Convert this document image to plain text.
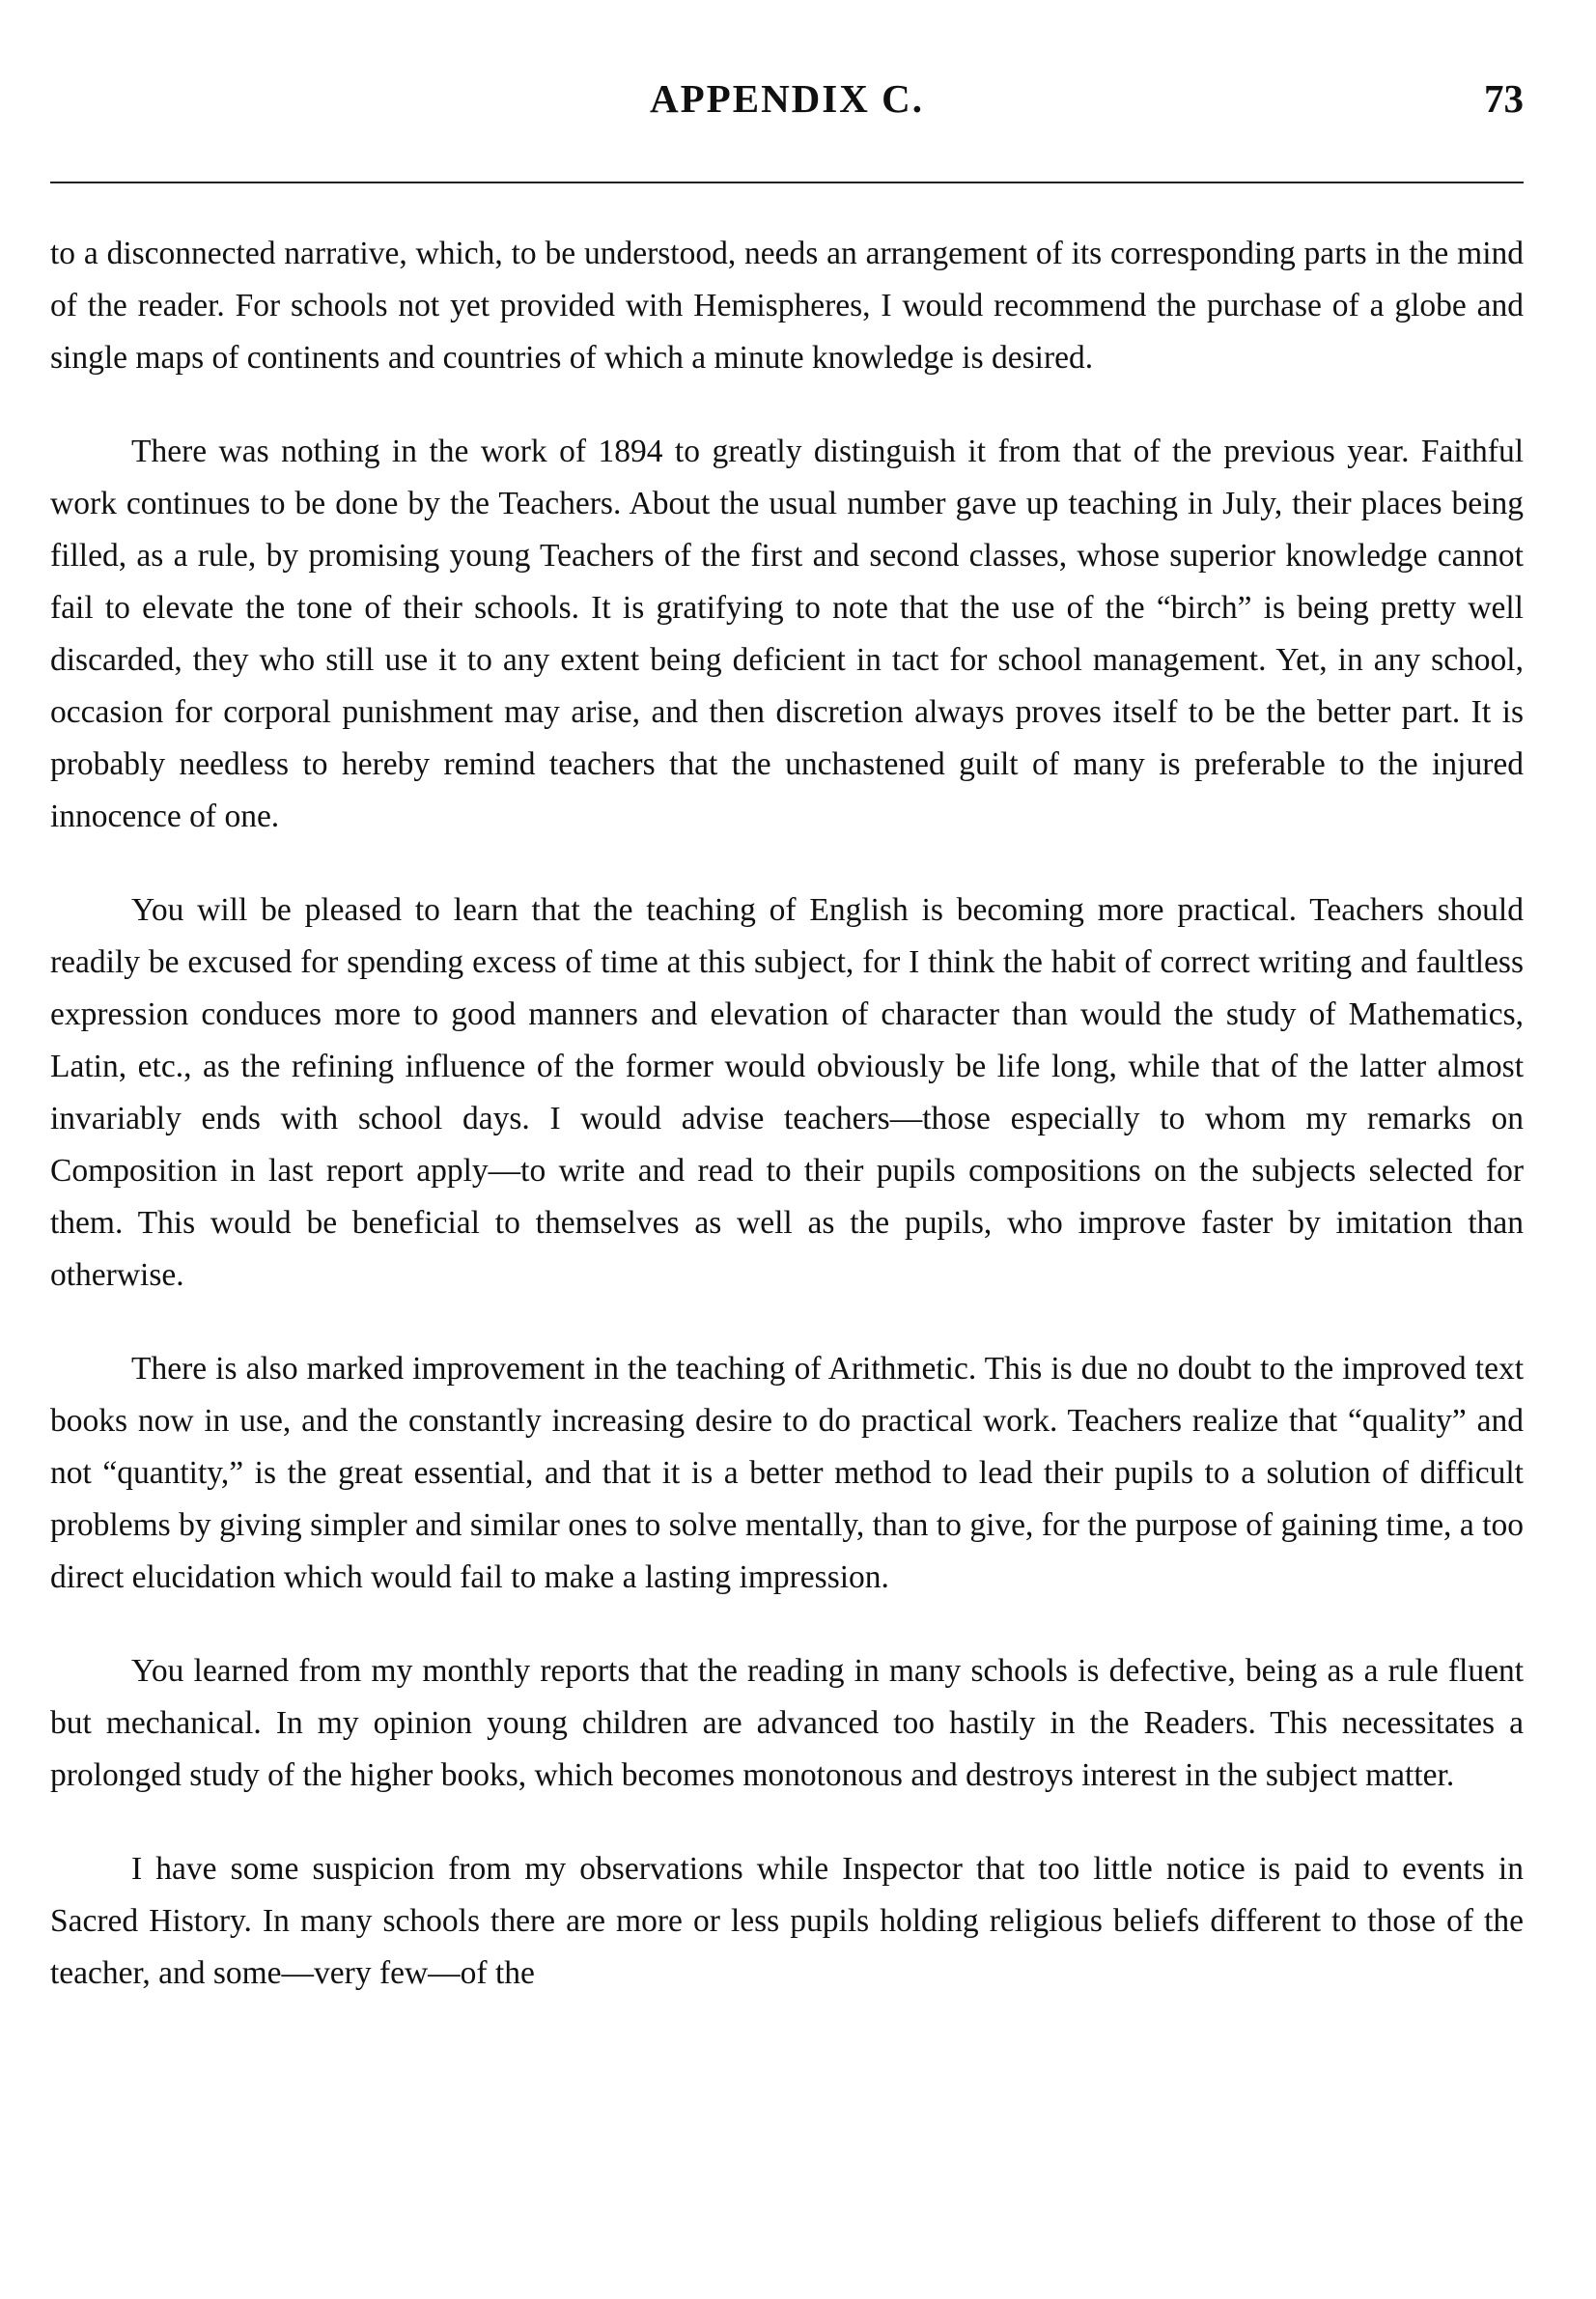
APPENDIX C.	73

to a disconnected narrative, which, to be understood, needs an arrangement of its corresponding parts in the mind of the reader. For schools not yet provided with Hemispheres, I would recommend the purchase of a globe and single maps of continents and countries of which a minute knowledge is desired.

There was nothing in the work of 1894 to greatly distinguish it from that of the previous year. Faithful work continues to be done by the Teachers. About the usual number gave up teaching in July, their places being filled, as a rule, by promising young Teachers of the first and second classes, whose superior knowledge cannot fail to elevate the tone of their schools. It is gratifying to note that the use of the “birch” is being pretty well discarded, they who still use it to any extent being deficient in tact for school management. Yet, in any school, occasion for corporal punishment may arise, and then discretion always proves itself to be the better part. It is probably needless to hereby remind teachers that the unchastened guilt of many is preferable to the injured innocence of one.

You will be pleased to learn that the teaching of English is becoming more practical. Teachers should readily be excused for spending excess of time at this subject, for I think the habit of correct writing and faultless expression conduces more to good manners and elevation of character than would the study of Mathematics, Latin, etc., as the refining influence of the former would obviously be life long, while that of the latter almost invariably ends with school days. I would advise teachers—those especially to whom my remarks on Composition in last report apply—to write and read to their pupils compositions on the subjects selected for them. This would be beneficial to themselves as well as the pupils, who improve faster by imitation than otherwise.

There is also marked improvement in the teaching of Arithmetic. This is due no doubt to the improved text books now in use, and the constantly increasing desire to do practical work. Teachers realize that “quality” and not “quantity,” is the great essential, and that it is a better method to lead their pupils to a solution of difficult problems by giving simpler and similar ones to solve mentally, than to give, for the purpose of gaining time, a too direct elucidation which would fail to make a lasting impression.

You learned from my monthly reports that the reading in many schools is defective, being as a rule fluent but mechanical. In my opinion young children are advanced too hastily in the Readers. This necessitates a prolonged study of the higher books, which becomes monotonous and destroys interest in the subject matter.

I have some suspicion from my observations while Inspector that too little notice is paid to events in Sacred History. In many schools there are more or less pupils holding religious beliefs different to those of the teacher, and some—very few—of the
